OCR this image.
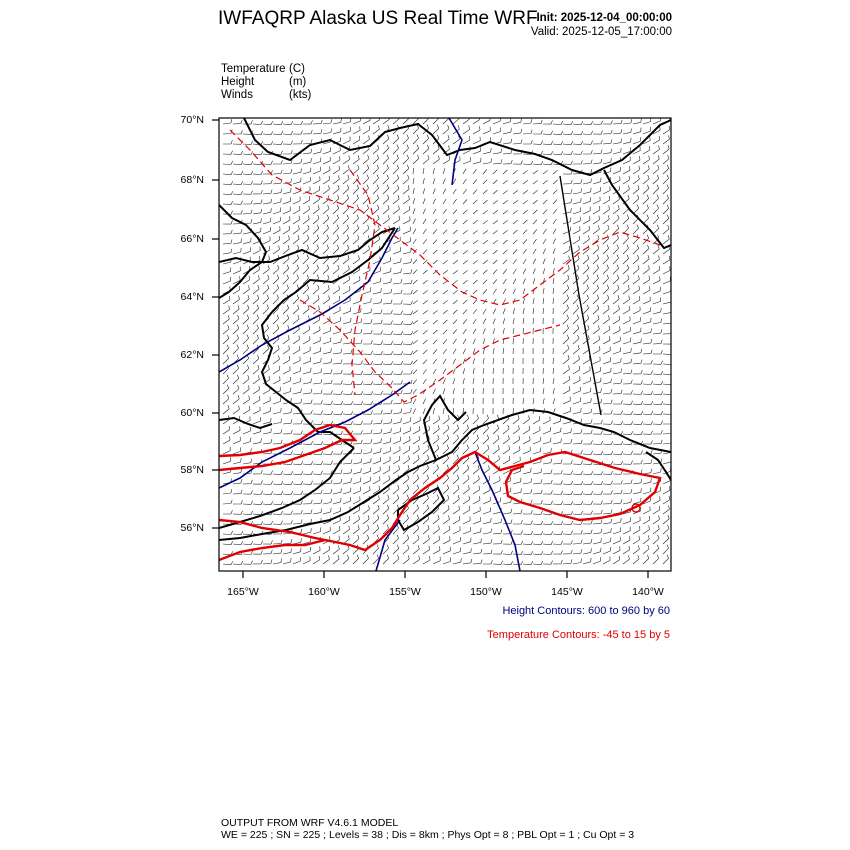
IWFAQRP Alaska US Real Time WRF
Init: 2025-12-04_00:00:00
Valid: 2025-12-05_17:00:00
Temperature (C)
Height	(m)
Winds	(kts)
70°N
68°N
66°N
64°N
62°N
60°N
58°N
56°N
165°W	160°W	155°W	150°W	145°W	140°W
Height Contours: 600 to 960 by 60
Temperature Contours: -45 to 15 by 5
OUTPUT FROM WRF V4.6.1 MODEL
WE = 225 ; SN = 225 ; Levels = 38 ; Dis = 8km ; Phys Opt = 8 ; PBL Opt = 1 ; Cu Opt = 3
